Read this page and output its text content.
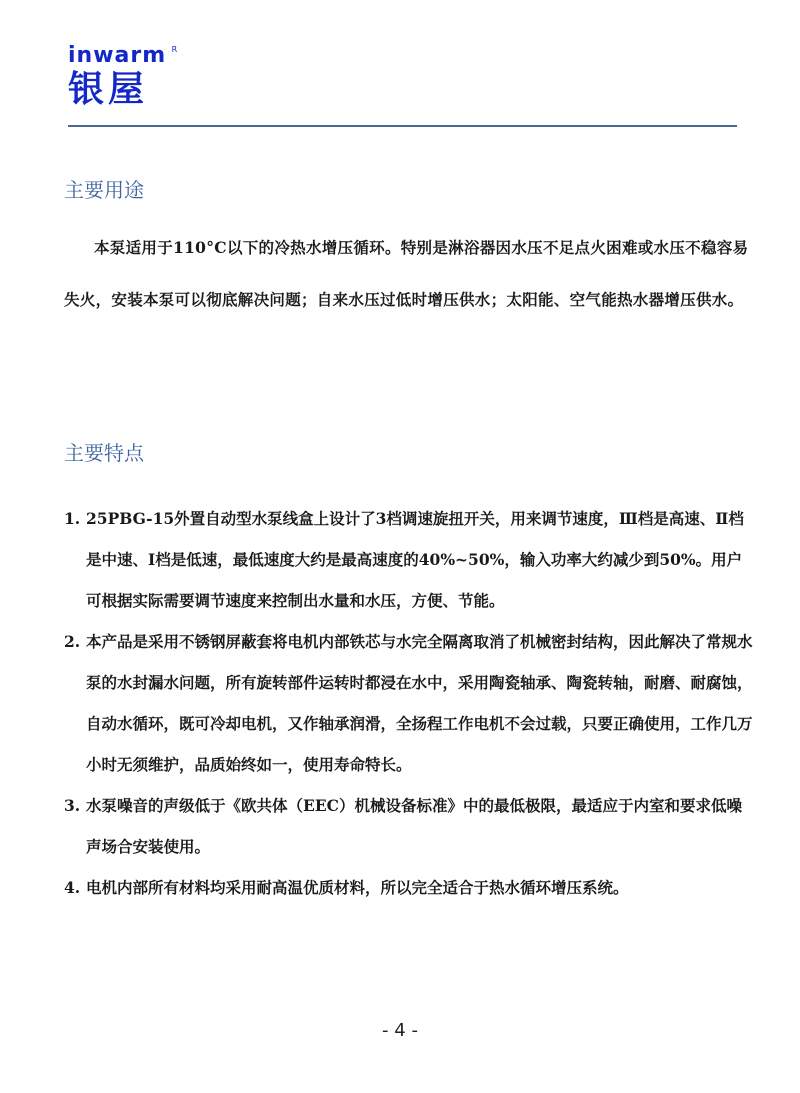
inwarm R
银屋
主要用途
本泵适用于110°C以下的冷热水增压循环。特别是淋浴器因水压不足点火困难或水压不稳容易失火，安装本泵可以彻底解决问题；自来水压过低时增压供水；太阳能、空气能热水器增压供水。
主要特点
1. 25PBG-15外置自动型水泵线盒上设计了3档调速旋扭开关，用来调节速度，Ⅲ档是高速、Ⅱ档是中速、Ⅰ档是低速，最低速度大约是最高速度的40%~50%，输入功率大约减少到50%。用户可根据实际需要调节速度来控制出水量和水压，方便、节能。
2. 本产品是采用不锈钢屏蔽套将电机内部铁芯与水完全隔离取消了机械密封结构，因此解决了常规水泵的水封漏水问题，所有旋转部件运转时都浸在水中，采用陶瓷轴承、陶瓷转轴，耐磨、耐腐蚀，自动水循环，既可冷却电机，又作轴承润滑，全扬程工作电机不会过载，只要正确使用，工作几万小时无须维护，品质始终如一，使用寿命特长。
3. 水泵噪音的声级低于《欧共体（EEC）机械设备标准》中的最低极限，最适应于内室和要求低噪声场合安装使用。
4. 电机内部所有材料均采用耐高温优质材料，所以完全适合于热水循环增压系统。
- 4 -
